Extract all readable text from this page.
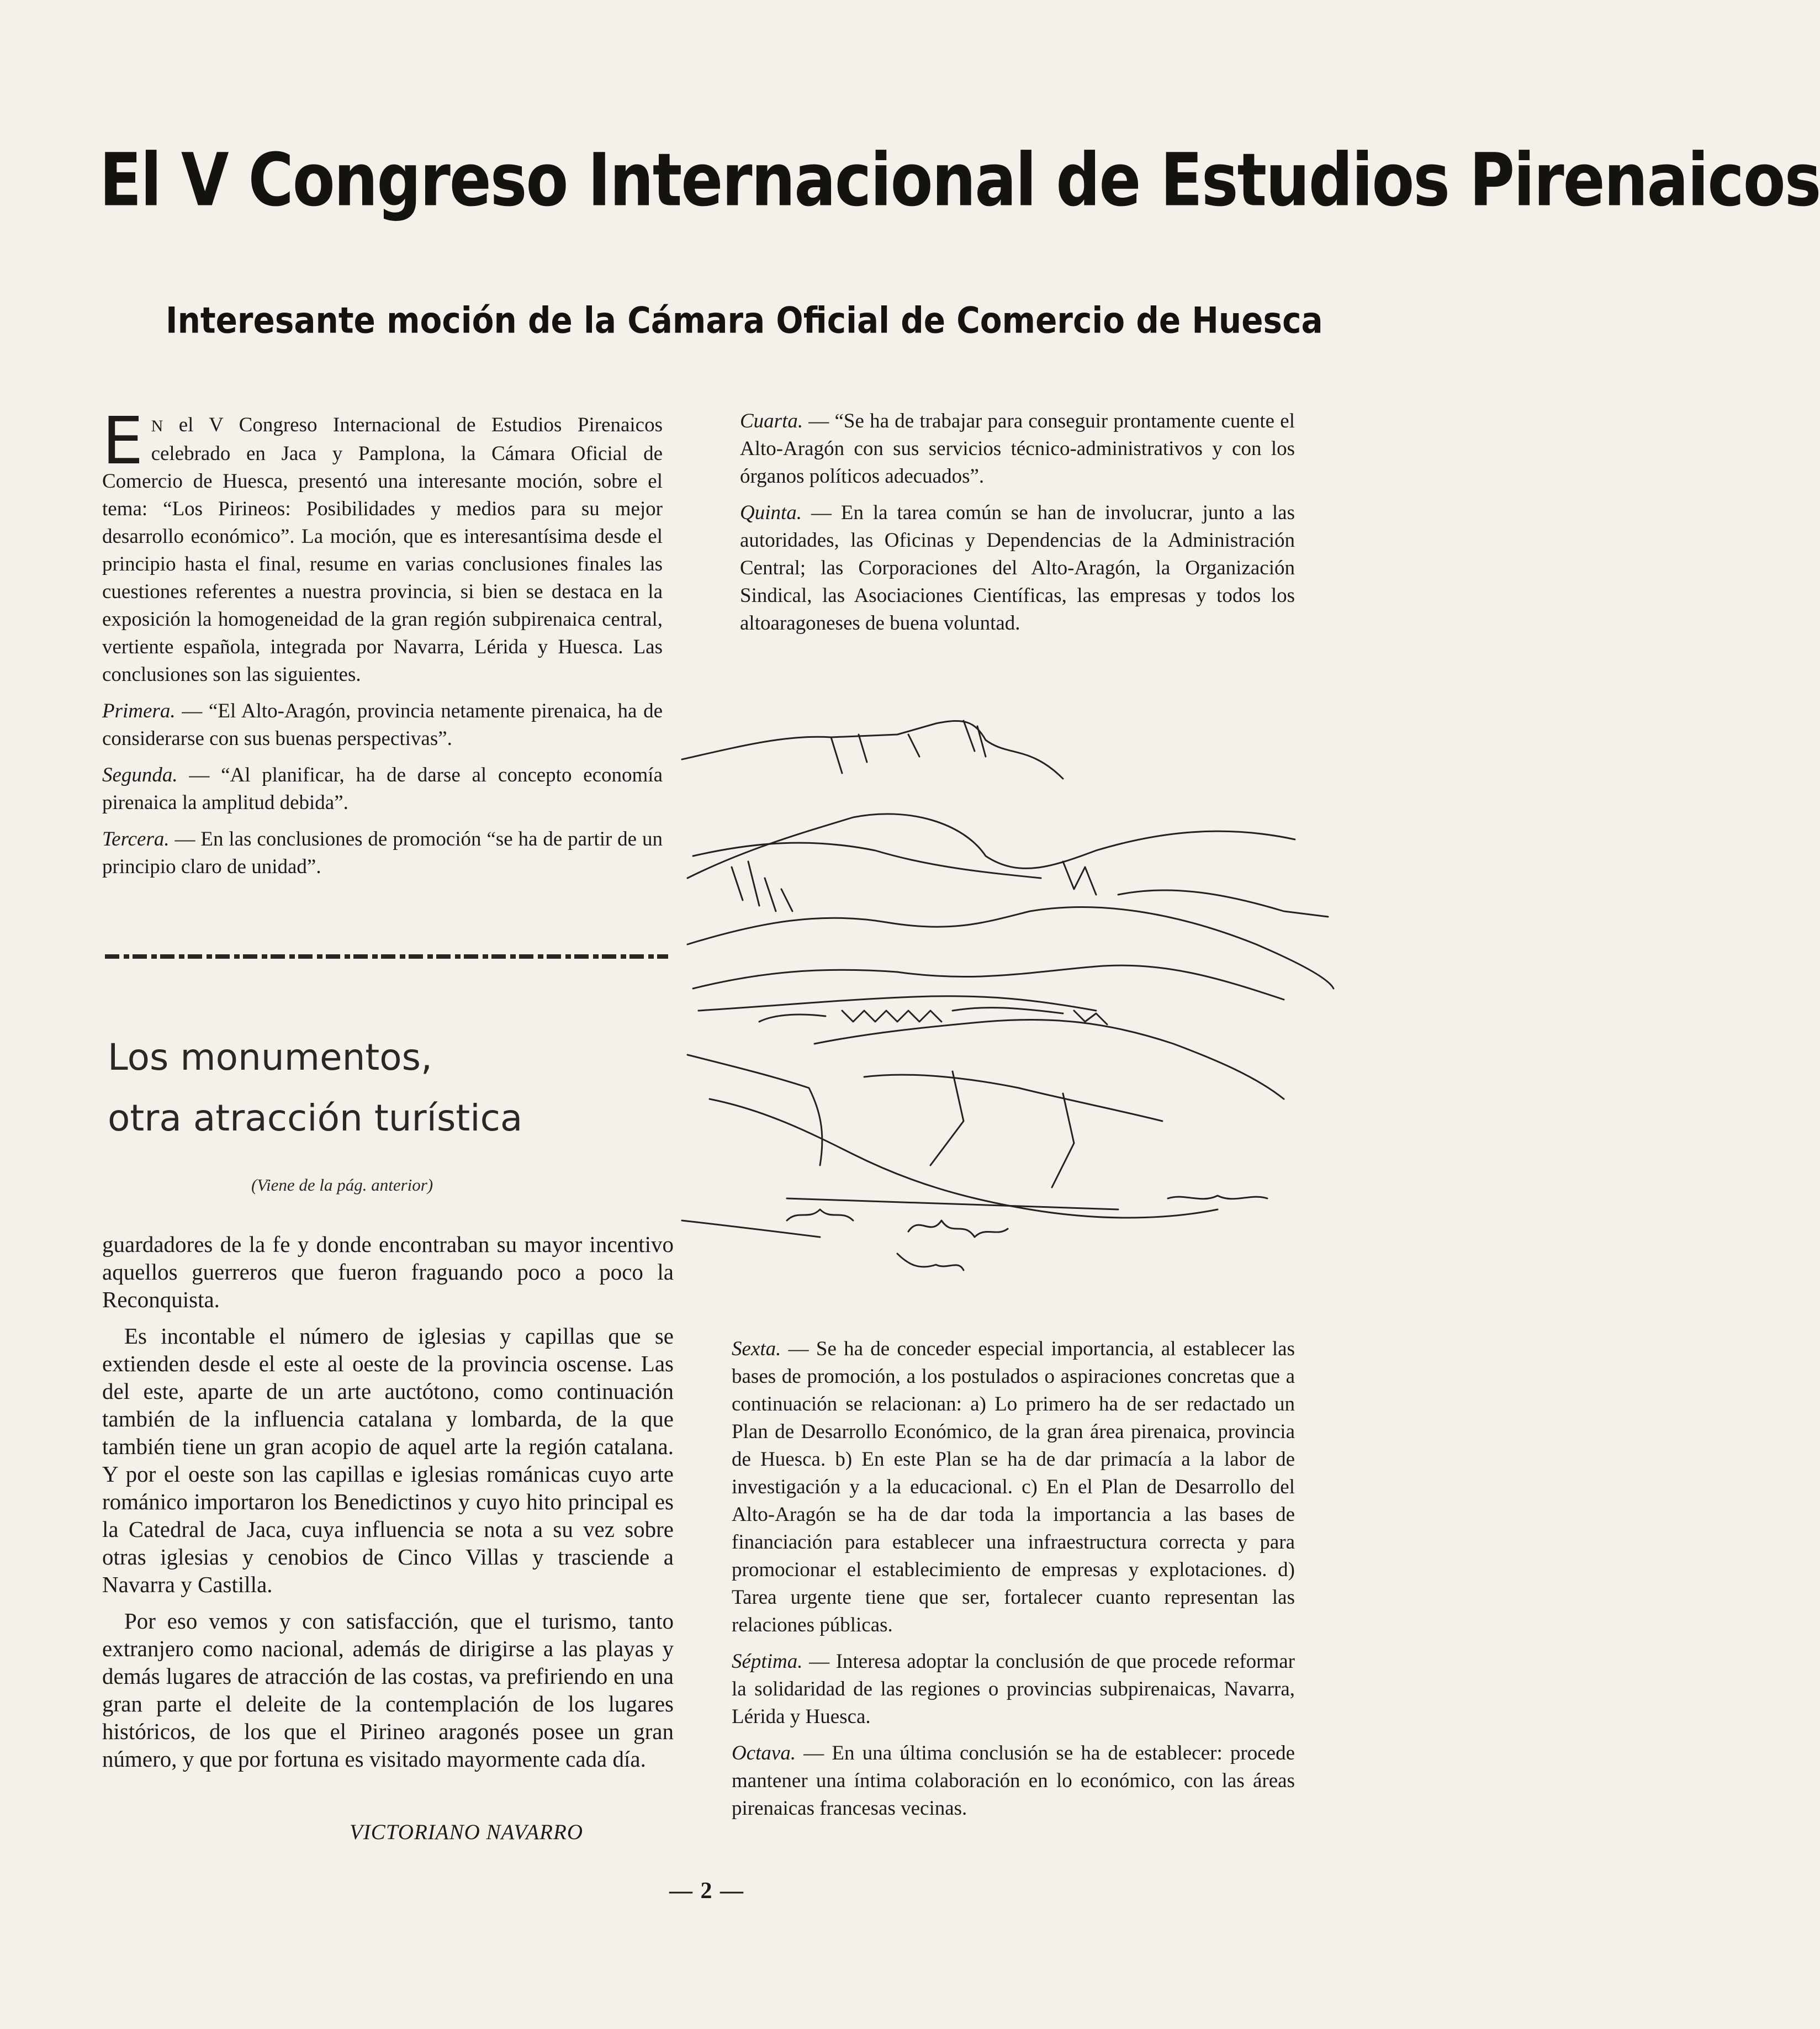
El V Congreso Internacional de Estudios Pirenaicos
Interesante moción de la Cámara Oficial de Comercio de Huesca

E N el V Congreso Internacional de Estudios Pirenaicos celebrado en Jaca y Pamplona, la Cámara Oficial de Comercio de Huesca, presentó una interesante moción, sobre el tema: “Los Pirineos: Posibilidades y medios para su mejor desarrollo económico”. La moción, que es interesantísima desde el principio hasta el final, resume en varias conclusiones finales las cuestiones referentes a nuestra provincia, si bien se destaca en la exposición la homogeneidad de la gran región subpirenaica central, vertiente española, integrada por Navarra, Lérida y Huesca. Las conclusiones son las siguientes.

Primera. — “El Alto-Aragón, provincia netamente pirenaica, ha de considerarse con sus buenas perspectivas”.

Segunda. — “Al planificar, ha de darse al concepto economía pirenaica la amplitud debida”.

Tercera. — En las conclusiones de promoción “se ha de partir de un principio claro de unidad”.

Cuarta. — “Se ha de trabajar para conseguir prontamente cuente el Alto-Aragón con sus servicios técnico-administrativos y con los órganos políticos adecuados”.

Quinta. — En la tarea común se han de involucrar, junto a las autoridades, las Oficinas y Dependencias de la Administración Central; las Corporaciones del Alto-Aragón, la Organización Sindical, las Asociaciones Científicas, las empresas y todos los altoaragoneses de buena voluntad.

Los monumentos,
otra atracción turística
(Viene de la pág. anterior)

guardadores de la fe y donde encontraban su mayor incentivo aquellos guerreros que fueron fraguando poco a poco la Reconquista.

Es incontable el número de iglesias y capillas que se extienden desde el este al oeste de la provincia oscense. Las del este, aparte de un arte auctótono, como continuación también de la influencia catalana y lombarda, de la que también tiene un gran acopio de aquel arte la región catalana. Y por el oeste son las capillas e iglesias románicas cuyo arte románico importaron los Benedictinos y cuyo hito principal es la Catedral de Jaca, cuya influencia se nota a su vez sobre otras iglesias y cenobios de Cinco Villas y trasciende a Navarra y Castilla.

Por eso vemos y con satisfacción, que el turismo, tanto extranjero como nacional, además de dirigirse a las playas y demás lugares de atracción de las costas, va prefiriendo en una gran parte el deleite de la contemplación de los lugares históricos, de los que el Pirineo aragonés posee un gran número, y que por fortuna es visitado mayormente cada día.

VICTORIANO NAVARRO

Sexta. — Se ha de conceder especial importancia, al establecer las bases de promoción, a los postulados o aspiraciones concretas que a continuación se relacionan: a) Lo primero ha de ser redactado un Plan de Desarrollo Económico, de la gran área pirenaica, provincia de Huesca. b) En este Plan se ha de dar primacía a la labor de investigación y a la educacional. c) En el Plan de Desarrollo del Alto-Aragón se ha de dar toda la importancia a las bases de financiación para establecer una infraestructura correcta y para promocionar el establecimiento de empresas y explotaciones. d) Tarea urgente tiene que ser, fortalecer cuanto representan las relaciones públicas.

Séptima. — Interesa adoptar la conclusión de que procede reformar la solidaridad de las regiones o provincias subpirenaicas, Navarra, Lérida y Huesca.

Octava. — En una última conclusión se ha de establecer: procede mantener una íntima colaboración en lo económico, con las áreas pirenaicas francesas vecinas.

— 2 —
